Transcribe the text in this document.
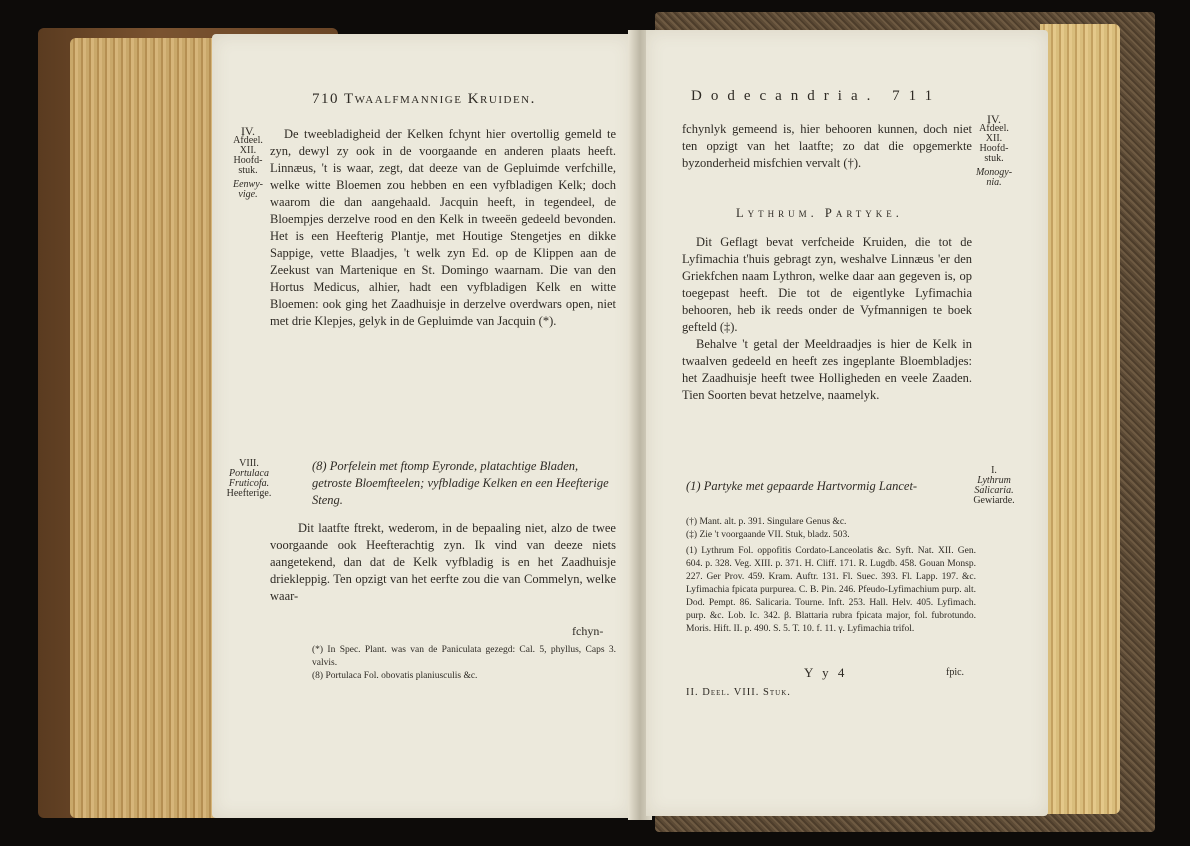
710 Twaalfmannige Kruiden.
IV.
Afdeel.
XII.
Hoofd-
stuk.
Eenwy-
vige.

De tweebladigheid der Kelken fchynt hier overtollig gemeld te zyn, dewyl zy ook in de voorgaande en anderen plaats heeft. Linnæus, 't is waar, zegt, dat deeze van de Gepluimde verfchille, welke witte Bloemen zou hebben en een vyfbladigen Kelk; doch waarom die dan aangehaald. Jacquin heeft, in tegendeel, de Bloempjes derzelve rood en den Kelk in tweeën gedeeld bevonden. Het is een Heefterig Plantje, met Houtige Stengetjes en dikke Sappige, vette Blaadjes, 't welk zyn Ed. op de Klippen aan de Zeekust van Martenique en St. Domingo waarnam. Die van den Hortus Medicus, alhier, hadt een vyfbladigen Kelk en witte Bloemen: ook ging het Zaadhuisje in derzelve overdwars open, niet met drie Klepjes, gelyk in de Gepluimde van Jacquin (*).

VIII.
Portulaca
Fruticofa.
Heefterige.
(8) Porfelein met ftomp Eyronde, platachtige Bladen, getroste Bloemfteelen; vyfbladige Kelken en een Heefterige Steng.

Dit laatfte ftrekt, wederom, in de bepaaling niet, alzo de twee voorgaande ook Heefterachtig zyn. Ik vind van deeze niets aangetekend, dan dat de Kelk vyfbladig is en het Zaadhuisje driekleppig. Ten opzigt van het eerfte zou die van Commelyn, welke waar-

fchyn-
(*) In Spec. Plant. was van de Paniculata gezegd: Cal. 5, phyllus, Caps 3. valvis.
(8) Portulaca Fol. obovatis planiusculis &c.
Dodecandria. 711

fchynlyk gemeend is, hier behooren kunnen, doch niet ten opzigt van het laatfte; zo dat die opgemerkte byzonderheid misfchien vervalt (†).

IV.
Afdeel.
XII.
Hoofd-
stuk.
Monogy-
nia.
Lythrum. Partyke.

Dit Geflagt bevat verfcheide Kruiden, die tot de Lyfimachia t'huis gebragt zyn, weshalve Linnæus 'er den Griekfchen naam Lythron, welke daar aan gegeven is, op toegepast heeft. Die tot de eigentlyke Lyfimachia behooren, heb ik reeds onder de Vyfmannigen te boek gefteld (‡).

Behalve 't getal der Meeldraadjes is hier de Kelk in twaalven gedeeld en heeft zes ingeplante Bloembladjes: het Zaadhuisje heeft twee Holligheden en veele Zaaden. Tien Soorten bevat hetzelve, naamelyk.

(1) Partyke met gepaarde Hartvormig Lancet-
I.
Lythrum
Salicaria.
Gewiarde.
(†) Mant. alt. p. 391. Singulare Genus &c.
(‡) Zie 't voorgaande VII. Stuk, bladz. 503.
(1) Lythrum Fol. oppofitis Cordato-Lanceolatis &c. Syft. Nat. XII. Gen. 604. p. 328. Veg. XIII. p. 371. H. Cliff. 171. R. Lugdb. 458. Gouan Monsp. 227. Ger Prov. 459. Kram. Auftr. 131. Fl. Suec. 393. Fl. Lapp. 197. &c. Lyfimachia fpicata purpurea. C. B. Pin. 246. Pfeudo-Lyfimachium purp. alt. Dod. Pempt. 86. Salicaria. Tourne. Inft. 253. Hall. Helv. 405. Lyfimach. purp. &c. Lob. Ic. 342. β. Blattaria rubra fpicata major, fol. fubrotundo. Moris. Hift. II. p. 490. S. 5. T. 10. f. 11. γ. Lyfimachia trifol.
fpic.
Y y 4
II. Deel. VIII. Stuk.
